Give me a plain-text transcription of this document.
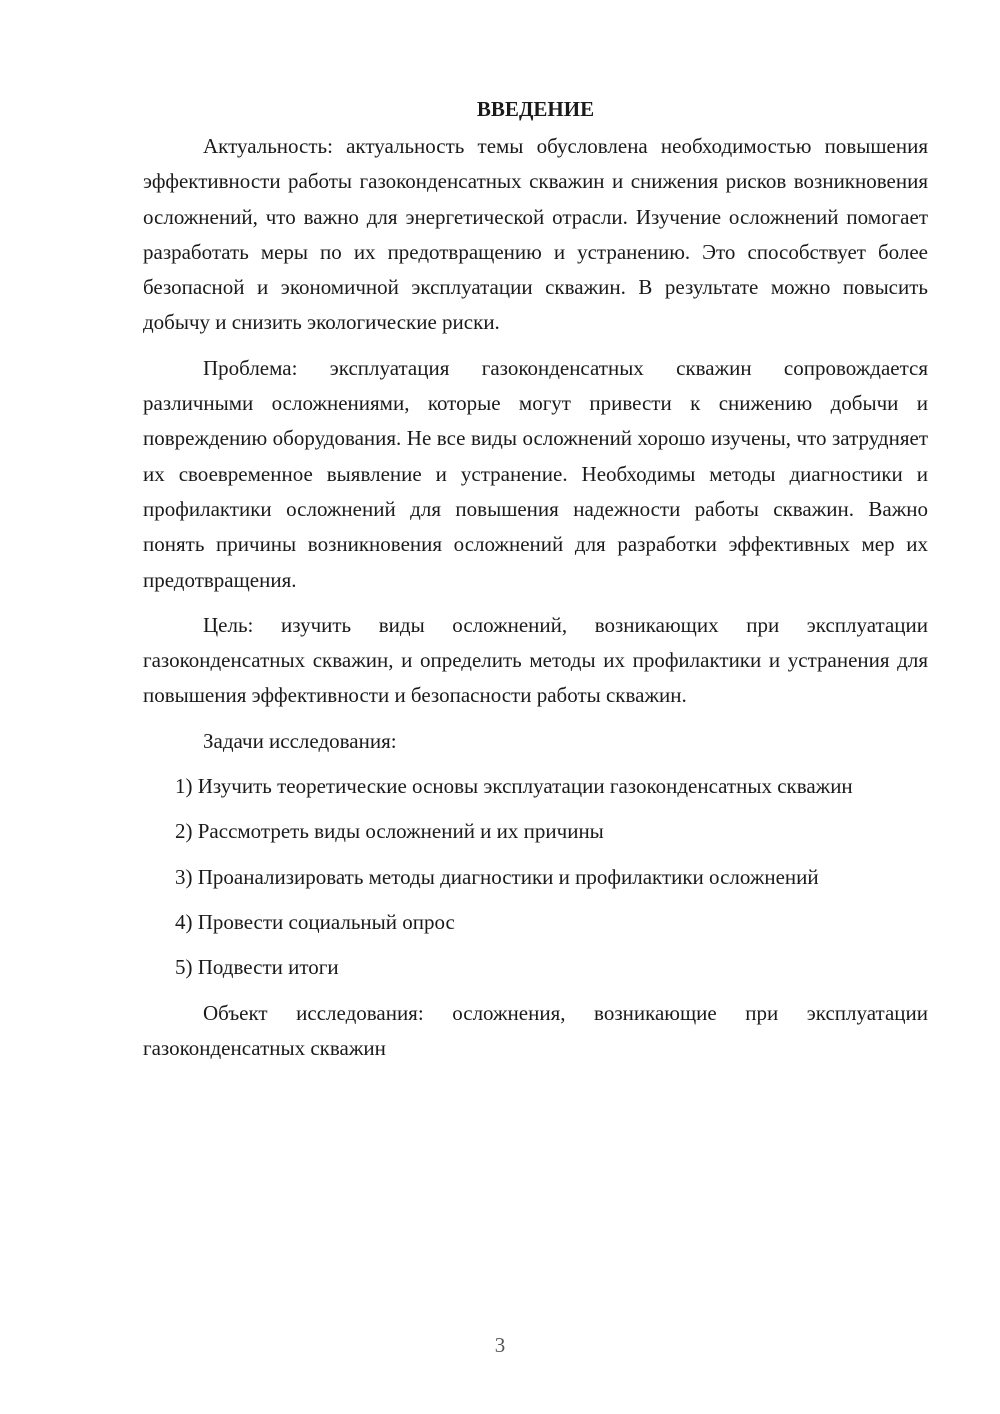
ВВЕДЕНИЕ

Актуальность: актуальность темы обусловлена необходимостью повышения эффективности работы газоконденсатных скважин и снижения рисков возникновения осложнений, что важно для энергетической отрасли. Изучение осложнений помогает разработать меры по их предотвращению и устранению. Это способствует более безопасной и экономичной эксплуатации скважин. В результате можно повысить добычу и снизить экологические риски.

Проблема: эксплуатация газоконденсатных скважин сопровождается различными осложнениями, которые могут привести к снижению добычи и повреждению оборудования. Не все виды осложнений хорошо изучены, что затрудняет их своевременное выявление и устранение. Необходимы методы диагностики и профилактики осложнений для повышения надежности работы скважин. Важно понять причины возникновения осложнений для разработки эффективных мер их предотвращения.

Цель: изучить виды осложнений, возникающих при эксплуатации газоконденсатных скважин, и определить методы их профилактики и устранения для повышения эффективности и безопасности работы скважин.

Задачи исследования:

1) Изучить теоретические основы эксплуатации газоконденсатных скважин

2) Рассмотреть виды осложнений и их причины

3) Проанализировать методы диагностики и профилактики осложнений

4) Провести социальный опрос

5) Подвести итоги

Объект исследования: осложнения, возникающие при эксплуатации газоконденсатных скважин

3
